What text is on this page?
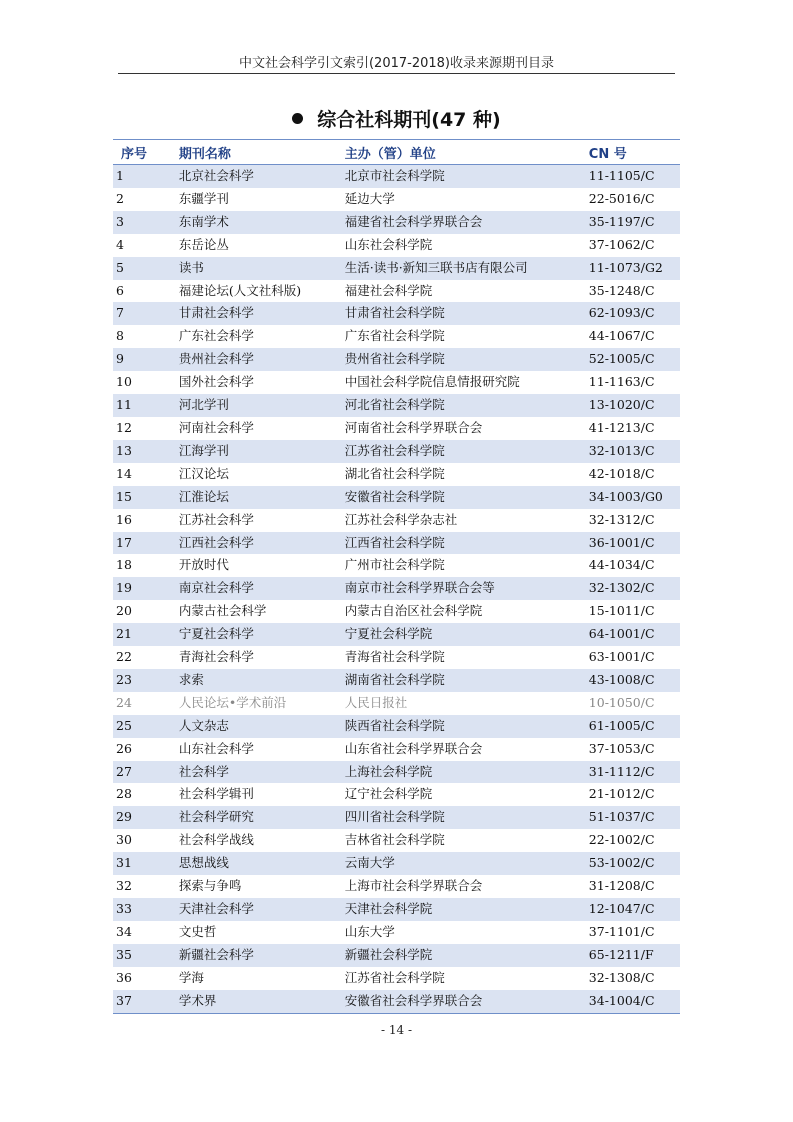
中文社会科学引文索引(2017-2018)收录来源期刊目录
综合社科期刊(47 种)
序号	期刊名称	主办（管）单位	CN 号
1	北京社会科学	北京市社会科学院	11-1105/C
2	东疆学刊	延边大学	22-5016/C
3	东南学术	福建省社会科学界联合会	35-1197/C
4	东岳论丛	山东社会科学院	37-1062/C
5	读书	生活·读书·新知三联书店有限公司	11-1073/G2
6	福建论坛(人文社科版)	福建社会科学院	35-1248/C
7	甘肃社会科学	甘肃省社会科学院	62-1093/C
8	广东社会科学	广东省社会科学院	44-1067/C
9	贵州社会科学	贵州省社会科学院	52-1005/C
10	国外社会科学	中国社会科学院信息情报研究院	11-1163/C
11	河北学刊	河北省社会科学院	13-1020/C
12	河南社会科学	河南省社会科学界联合会	41-1213/C
13	江海学刊	江苏省社会科学院	32-1013/C
14	江汉论坛	湖北省社会科学院	42-1018/C
15	江淮论坛	安徽省社会科学院	34-1003/G0
16	江苏社会科学	江苏社会科学杂志社	32-1312/C
17	江西社会科学	江西省社会科学院	36-1001/C
18	开放时代	广州市社会科学院	44-1034/C
19	南京社会科学	南京市社会科学界联合会等	32-1302/C
20	内蒙古社会科学	内蒙古自治区社会科学院	15-1011/C
21	宁夏社会科学	宁夏社会科学院	64-1001/C
22	青海社会科学	青海省社会科学院	63-1001/C
23	求索	湖南省社会科学院	43-1008/C
24	人民论坛•学术前沿	人民日报社	10-1050/C
25	人文杂志	陕西省社会科学院	61-1005/C
26	山东社会科学	山东省社会科学界联合会	37-1053/C
27	社会科学	上海社会科学院	31-1112/C
28	社会科学辑刊	辽宁社会科学院	21-1012/C
29	社会科学研究	四川省社会科学院	51-1037/C
30	社会科学战线	吉林省社会科学院	22-1002/C
31	思想战线	云南大学	53-1002/C
32	探索与争鸣	上海市社会科学界联合会	31-1208/C
33	天津社会科学	天津社会科学院	12-1047/C
34	文史哲	山东大学	37-1101/C
35	新疆社会科学	新疆社会科学院	65-1211/F
36	学海	江苏省社会科学院	32-1308/C
37	学术界	安徽省社会科学界联合会	34-1004/C
- 14 -
